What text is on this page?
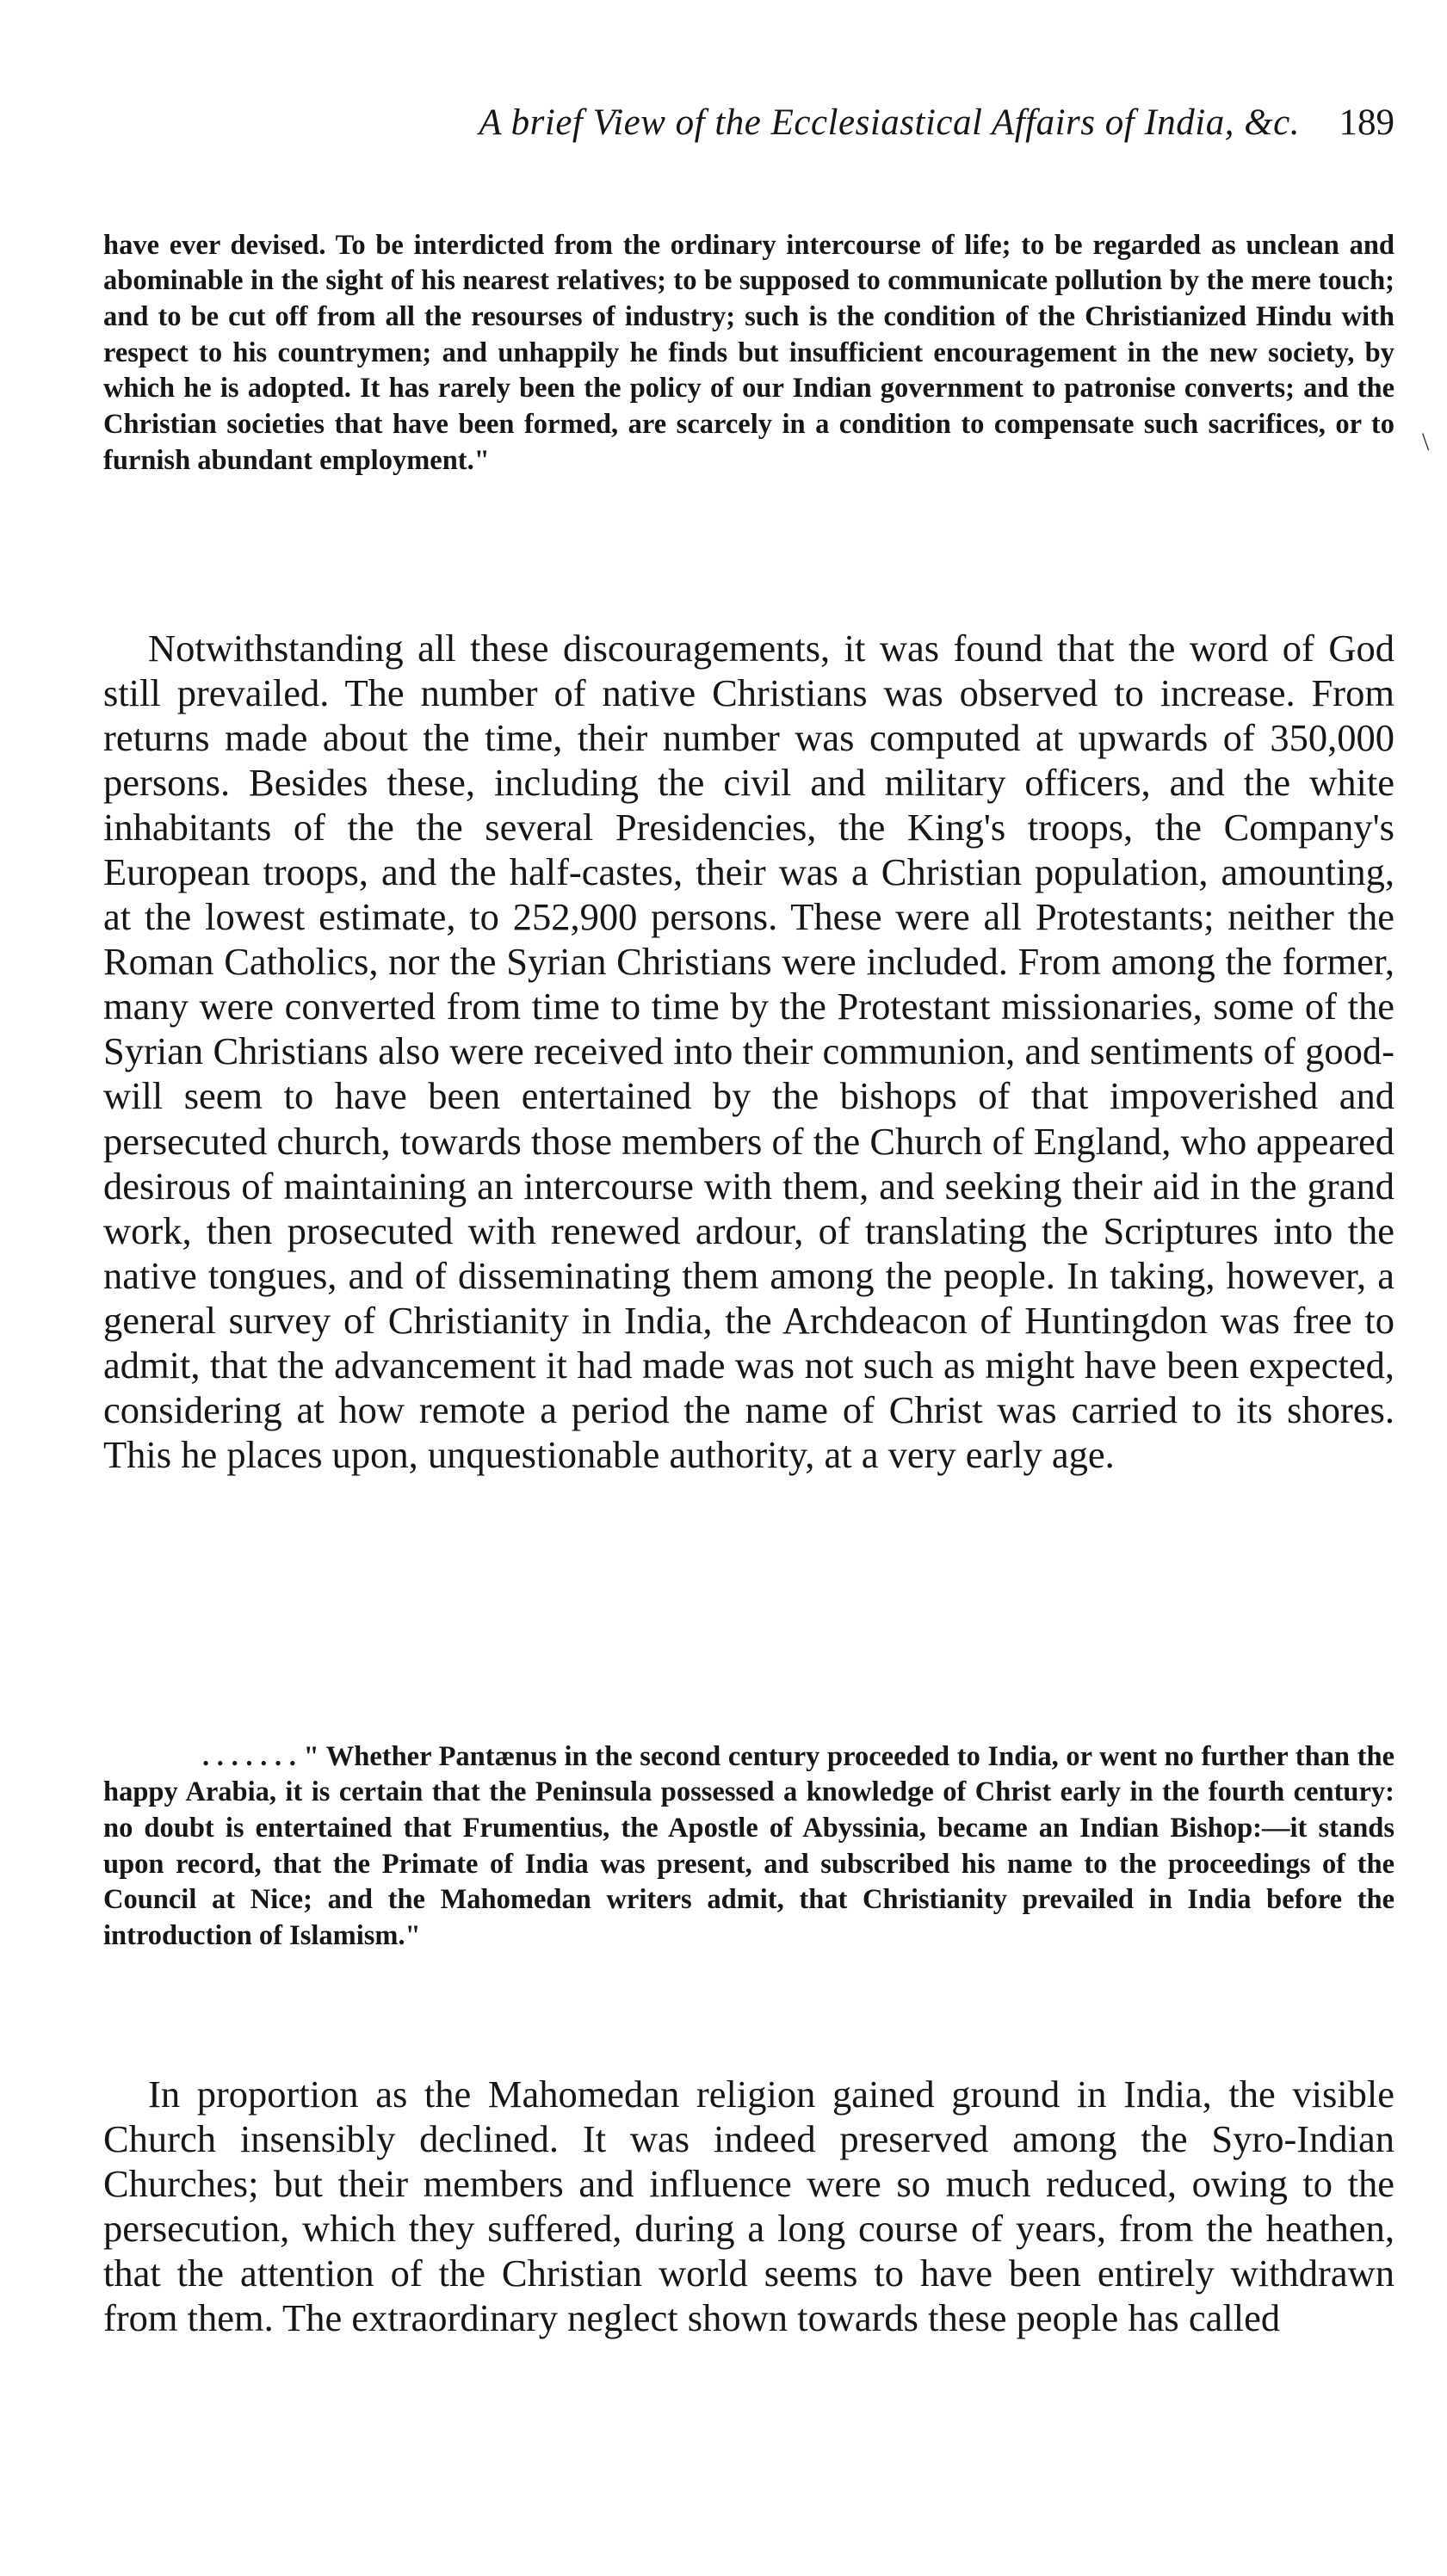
A brief View of the Ecclesiastical Affairs of India, &c. 189

have ever devised. To be interdicted from the ordinary intercourse of life; to be regarded as unclean and abominable in the sight of his nearest relatives; to be supposed to communicate pollution by the mere touch; and to be cut off from all the resourses of industry; such is the condition of the Christianized Hindu with respect to his countrymen; and unhappily he finds but insufficient encouragement in the new society, by which he is adopted. It has rarely been the policy of our Indian government to patronise converts; and the Christian societies that have been formed, are scarcely in a condition to compensate such sacrifices, or to furnish abundant employment."

\

Notwithstanding all these discouragements, it was found that the word of God still prevailed. The number of native Christians was observed to increase. From returns made about the time, their number was computed at upwards of 350,000 persons. Besides these, including the civil and military officers, and the white inhabitants of the the several Presidencies, the King's troops, the Company's European troops, and the half-castes, their was a Christian population, amounting, at the lowest estimate, to 252,900 persons. These were all Protestants; neither the Roman Catholics, nor the Syrian Christians were included. From among the former, many were converted from time to time by the Protestant missionaries, some of the Syrian Christians also were received into their communion, and sentiments of good-will seem to have been entertained by the bishops of that impoverished and persecuted church, towards those members of the Church of England, who appeared desirous of maintaining an intercourse with them, and seeking their aid in the grand work, then prosecuted with renewed ardour, of translating the Scriptures into the native tongues, and of disseminating them among the people. In taking, however, a general survey of Christianity in India, the Archdeacon of Huntingdon was free to admit, that the advancement it had made was not such as might have been expected, considering at how remote a period the name of Christ was carried to its shores. This he places upon, unquestionable authority, at a very early age.

. . . . . . . " Whether Pantænus in the second century proceeded to India, or went no further than the happy Arabia, it is certain that the Peninsula possessed a knowledge of Christ early in the fourth century: no doubt is entertained that Frumentius, the Apostle of Abyssinia, became an Indian Bishop:—it stands upon record, that the Primate of India was present, and subscribed his name to the proceedings of the Council at Nice; and the Mahomedan writers admit, that Christianity prevailed in India before the introduction of Islamism."

In proportion as the Mahomedan religion gained ground in India, the visible Church insensibly declined. It was indeed preserved among the Syro-Indian Churches; but their members and influence were so much reduced, owing to the persecution, which they suffered, during a long course of years, from the heathen, that the attention of the Christian world seems to have been entirely withdrawn from them. The extraordinary neglect shown towards these people has called
